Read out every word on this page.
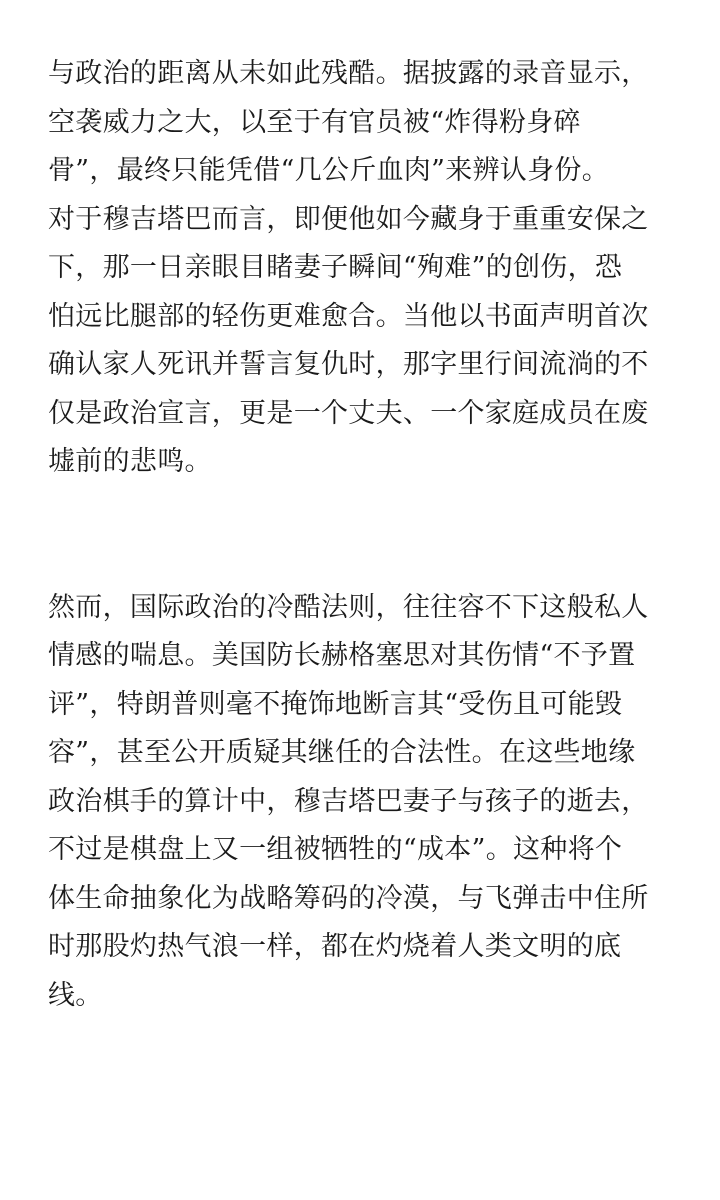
与政治的距离从未如此残酷。据披露的录音显示，
空袭威力之大，以至于有官员被“炸得粉身碎
骨”，最终只能凭借“几公斤血肉”来辨认身份。
对于穆吉塔巴而言，即便他如今藏身于重重安保之
下，那一日亲眼目睹妻子瞬间“殉难”的创伤，恐
怕远比腿部的轻伤更难愈合。当他以书面声明首次
确认家人死讯并誓言复仇时，那字里行间流淌的不
仅是政治宣言，更是一个丈夫、一个家庭成员在废
墟前的悲鸣。

然而，国际政治的冷酷法则，往往容不下这般私人
情感的喘息。美国防长赫格塞思对其伤情“不予置
评”，特朗普则毫不掩饰地断言其“受伤且可能毁
容”，甚至公开质疑其继任的合法性。在这些地缘
政治棋手的算计中，穆吉塔巴妻子与孩子的逝去，
不过是棋盘上又一组被牺牲的“成本”。这种将个
体生命抽象化为战略筹码的冷漠，与飞弹击中住所
时那股灼热气浪一样，都在灼烧着人类文明的底
线。
